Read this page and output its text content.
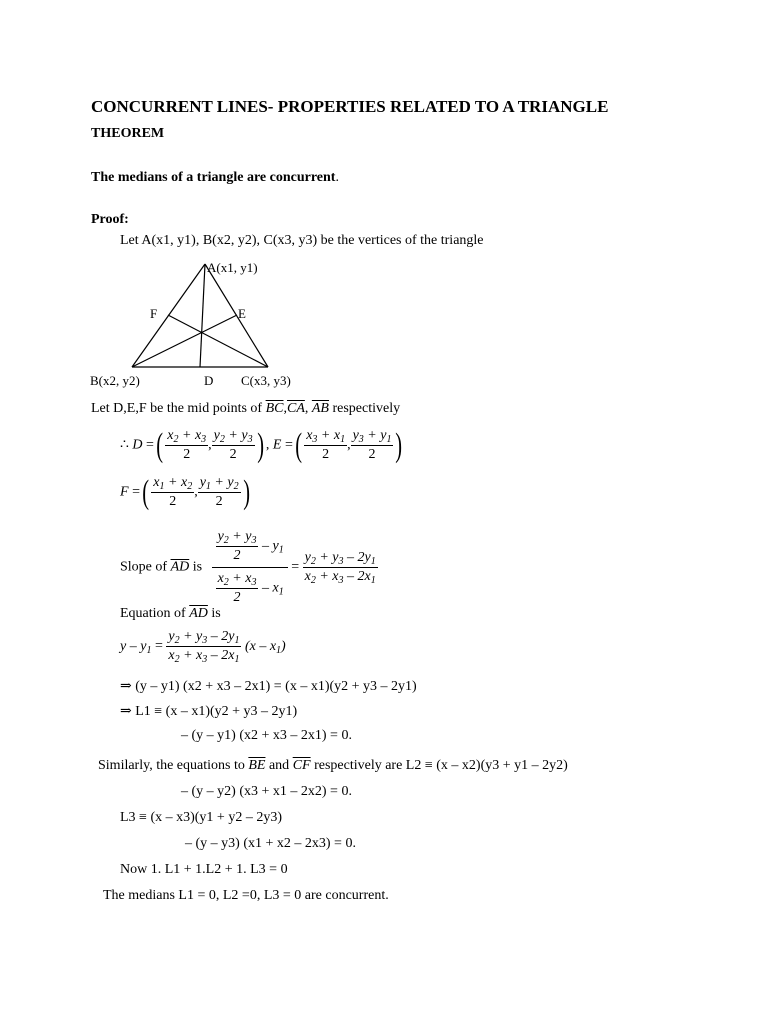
CONCURRENT LINES- PROPERTIES RELATED TO A TRIANGLE
THEOREM
The medians of a triangle are concurrent.
Proof:
Let A(x1, y1), B(x2, y2), C(x3, y3) be the vertices of the triangle
A(x1, y1)
F	E
B(x2, y2)	D C(x3, y3)
Let D,E,F be the mid points of $\overline{BC},\overline{CA}$, $\overline{AB}$ respectively
∴ D =( $\frac{x_2 + x_3}{2}$ , $\frac{y_2 + y_3}{2}$ ) , E =( $\frac{x_3 + x_1}{2}$ , $\frac{y_3 + y_1}{2}$ )
F =( $\frac{x_1 + x_2}{2}$ , $\frac{y_1 + y_2}{2}$ )
Slope of $\overline{AD}$ is $\frac{\frac{y_2 + y_3}{2} - y_1}{\frac{x_2 + x_3}{2} - x_1} = \frac{y_2 + y_3 - 2y_1}{x_2 + x_3 - 2x_1}$
Equation of $\overline{AD}$ is
$y - y_1 = \frac{y_2 + y_3 - 2y_1}{x_2 + x_3 - 2x_1} (x - x_1)$
⇒ (y – y1) (x2 + x3 – 2x1) = (x – x1)(y2 + y3 – 2y1)
⇒ L1 ≡ (x – x1)(y2 + y3 – 2y1)
– (y – y1) (x2 + x3 – 2x1) = 0.
Similarly, the equations to $\overline{BE}$ and $\overline{CF}$ respectively are L2 ≡ (x – x2)(y3 + y1 – 2y2)
– (y – y2) (x3 + x1 – 2x2) = 0.
L3 ≡ (x – x3)(y1 + y2 – 2y3)
– (y – y3) (x1 + x2 – 2x3) = 0.
Now 1. L1 + 1.L2 + 1. L3 = 0
The medians L1 = 0, L2 =0, L3 = 0 are concurrent.
